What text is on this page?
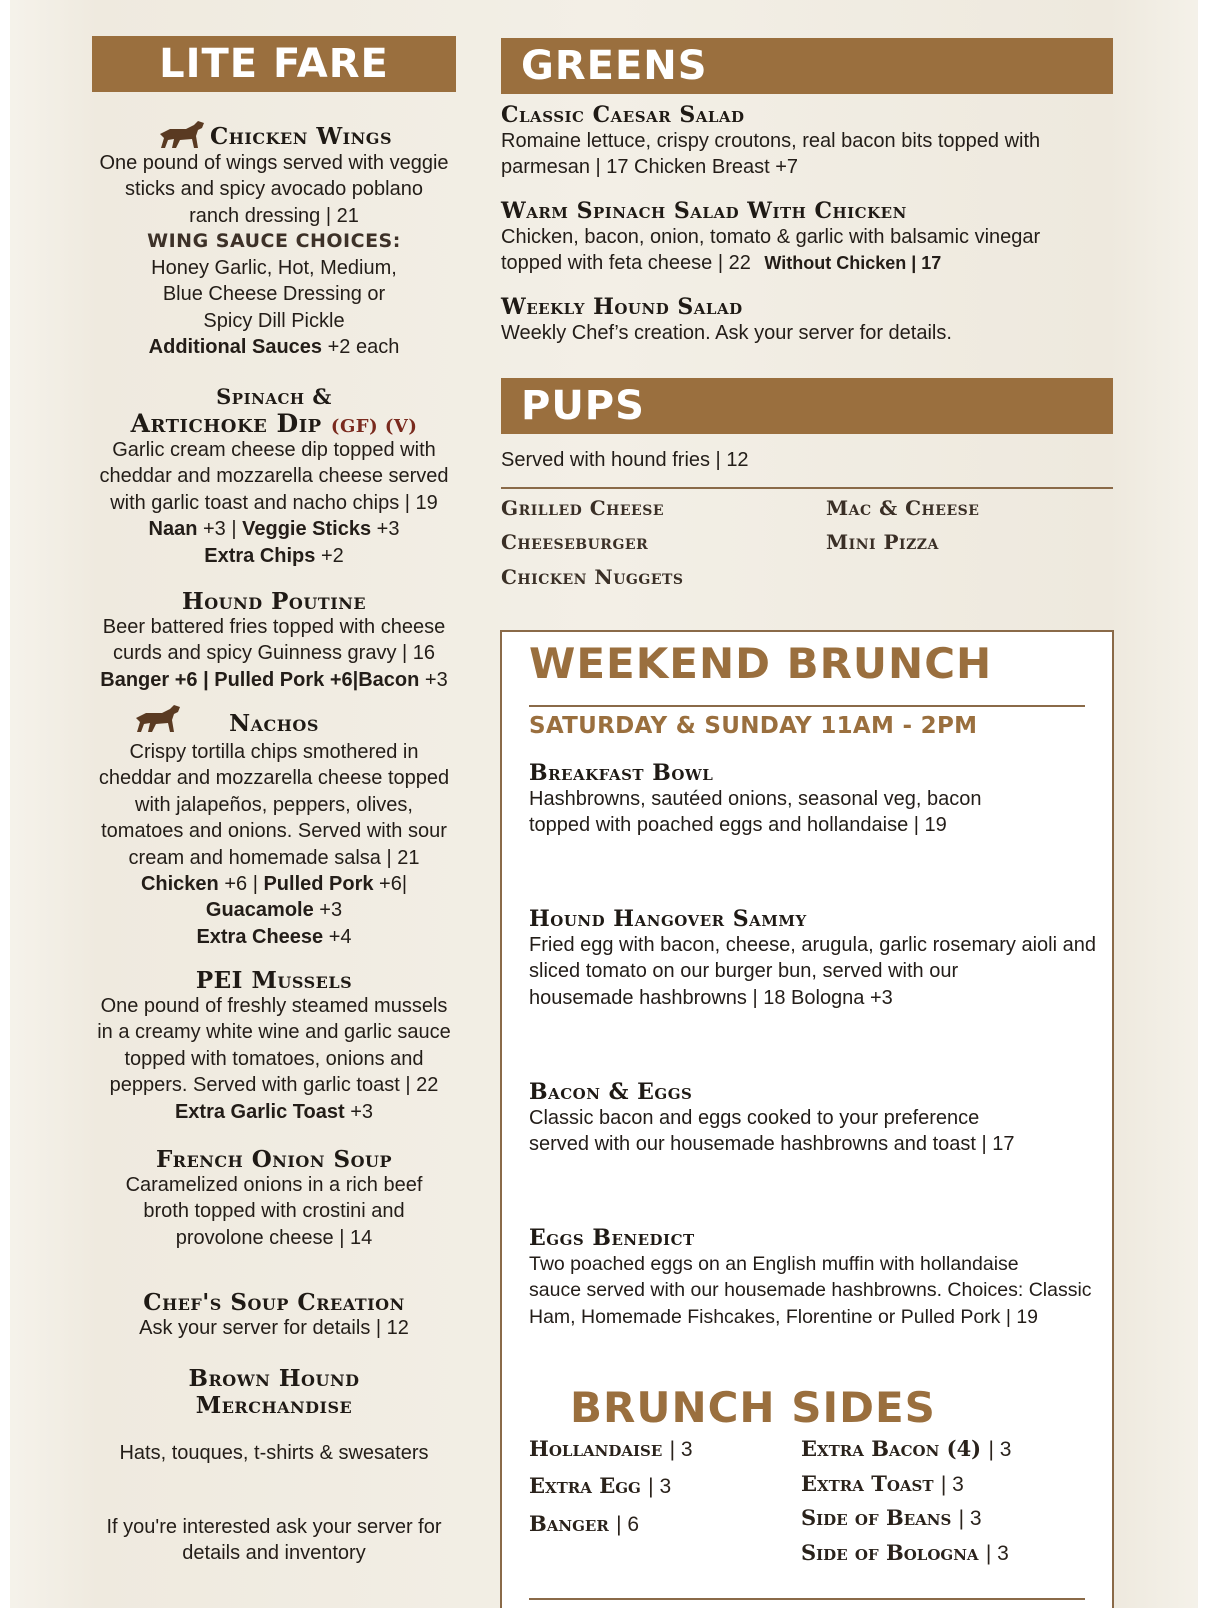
LITE FARE
Chicken Wings
One pound of wings served with veggie
sticks and spicy avocado poblano
ranch dressing | 21
WING SAUCE CHOICES:
Honey Garlic, Hot, Medium,
Blue Cheese Dressing or
Spicy Dill Pickle
Additional Sauces +2 each
Spinach &
Artichoke Dip (GF) (V)
Garlic cream cheese dip topped with
cheddar and mozzarella cheese served
with garlic toast and nacho chips | 19
Naan +3 | Veggie Sticks +3
Extra Chips +2
Hound Poutine
Beer battered fries topped with cheese
curds and spicy Guinness gravy | 16
Banger +6 | Pulled Pork +6|Bacon +3
Nachos
Crispy tortilla chips smothered in
cheddar and mozzarella cheese topped
with jalapeños, peppers, olives,
tomatoes and onions. Served with sour
cream and homemade salsa | 21
Chicken +6 | Pulled Pork +6|
Guacamole +3
Extra Cheese +4
PEI Mussels
One pound of freshly steamed mussels
in a creamy white wine and garlic sauce
topped with tomatoes, onions and
peppers. Served with garlic toast | 22
Extra Garlic Toast +3
French Onion Soup
Caramelized onions in a rich beef
broth topped with crostini and
provolone cheese | 14
Chef's Soup Creation
Ask your server for details | 12
Brown Hound
Merchandise
Hats, touques, t-shirts & swesaters
If you're interested ask your server for
details and inventory
GREENS
Classic Caesar Salad
Romaine lettuce, crispy croutons, real bacon bits topped with
parmesan | 17 Chicken Breast +7
Warm Spinach Salad With Chicken
Chicken, bacon, onion, tomato & garlic with balsamic vinegar
topped with feta cheese | 22 Without Chicken | 17
Weekly Hound Salad
Weekly Chef’s creation. Ask your server for details.
PUPS
Served with hound fries | 12
Grilled Cheese
Cheeseburger
Chicken Nuggets
Mac & Cheese
Mini Pizza
WEEKEND BRUNCH
SATURDAY & SUNDAY 11AM - 2PM
Breakfast Bowl
Hashbrowns, sautéed onions, seasonal veg, bacon
topped with poached eggs and hollandaise | 19
Hound Hangover Sammy
Fried egg with bacon, cheese, arugula, garlic rosemary aioli and
sliced tomato on our burger bun, served with our
housemade hashbrowns | 18 Bologna +3
Bacon & Eggs
Classic bacon and eggs cooked to your preference
served with our housemade hashbrowns and toast | 17
Eggs Benedict
Two poached eggs on an English muffin with hollandaise
sauce served with our housemade hashbrowns. Choices: Classic
Ham, Homemade Fishcakes, Florentine or Pulled Pork | 19
BRUNCH SIDES
Hollandaise | 3
Extra Egg | 3
Banger | 6
Extra Bacon (4) | 3
Extra Toast | 3
Side of Beans | 3
Side of Bologna | 3
